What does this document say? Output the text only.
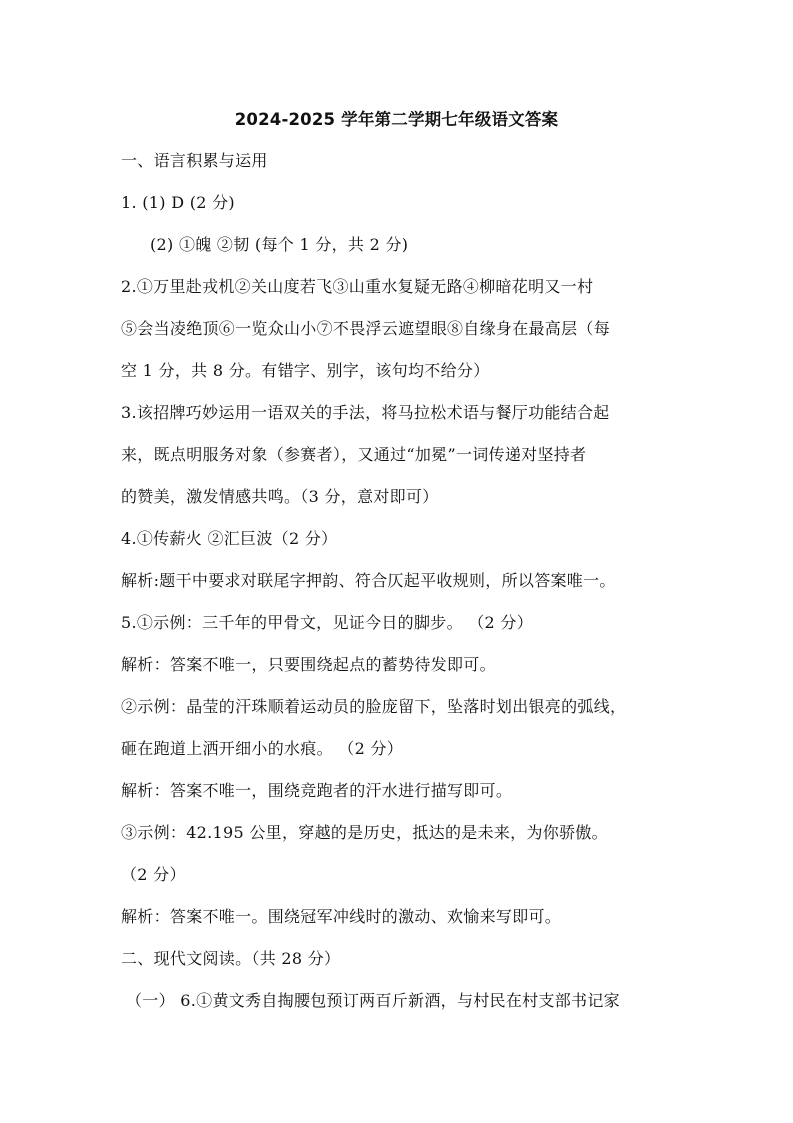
2024-2025 学年第二学期七年级语文答案
一、语言积累与运用
1. (1) D (2 分)
(2) ①魄 ②韧 (每个 1 分，共 2 分)
2.①万里赴戎机②关山度若飞③山重水复疑无路④柳暗花明又一村
⑤会当凌绝顶⑥一览众山小⑦不畏浮云遮望眼⑧自缘身在最高层（每
空 1 分，共 8 分。有错字、别字，该句均不给分）
3.该招牌巧妙运用一语双关的手法，将马拉松术语与餐厅功能结合起
来，既点明服务对象（参赛者），又通过“加冕”一词传递对坚持者
的赞美，激发情感共鸣。（3 分，意对即可）
4.①传薪火 ②汇巨波（2 分）
解析:题干中要求对联尾字押韵、符合仄起平收规则，所以答案唯一。
5.①示例：三千年的甲骨文，见证今日的脚步。 （2 分）
解析：答案不唯一，只要围绕起点的蓄势待发即可。
②示例：晶莹的汗珠顺着运动员的脸庞留下，坠落时划出银亮的弧线，
砸在跑道上洒开细小的水痕。 （2 分）
解析：答案不唯一，围绕竞跑者的汗水进行描写即可。
③示例：42.195 公里，穿越的是历史，抵达的是未来，为你骄傲。
（2 分）
解析：答案不唯一。围绕冠军冲线时的激动、欢愉来写即可。
二、现代文阅读。（共 28 分）
（一） 6.①黄文秀自掏腰包预订两百斤新酒，与村民在村支部书记家
